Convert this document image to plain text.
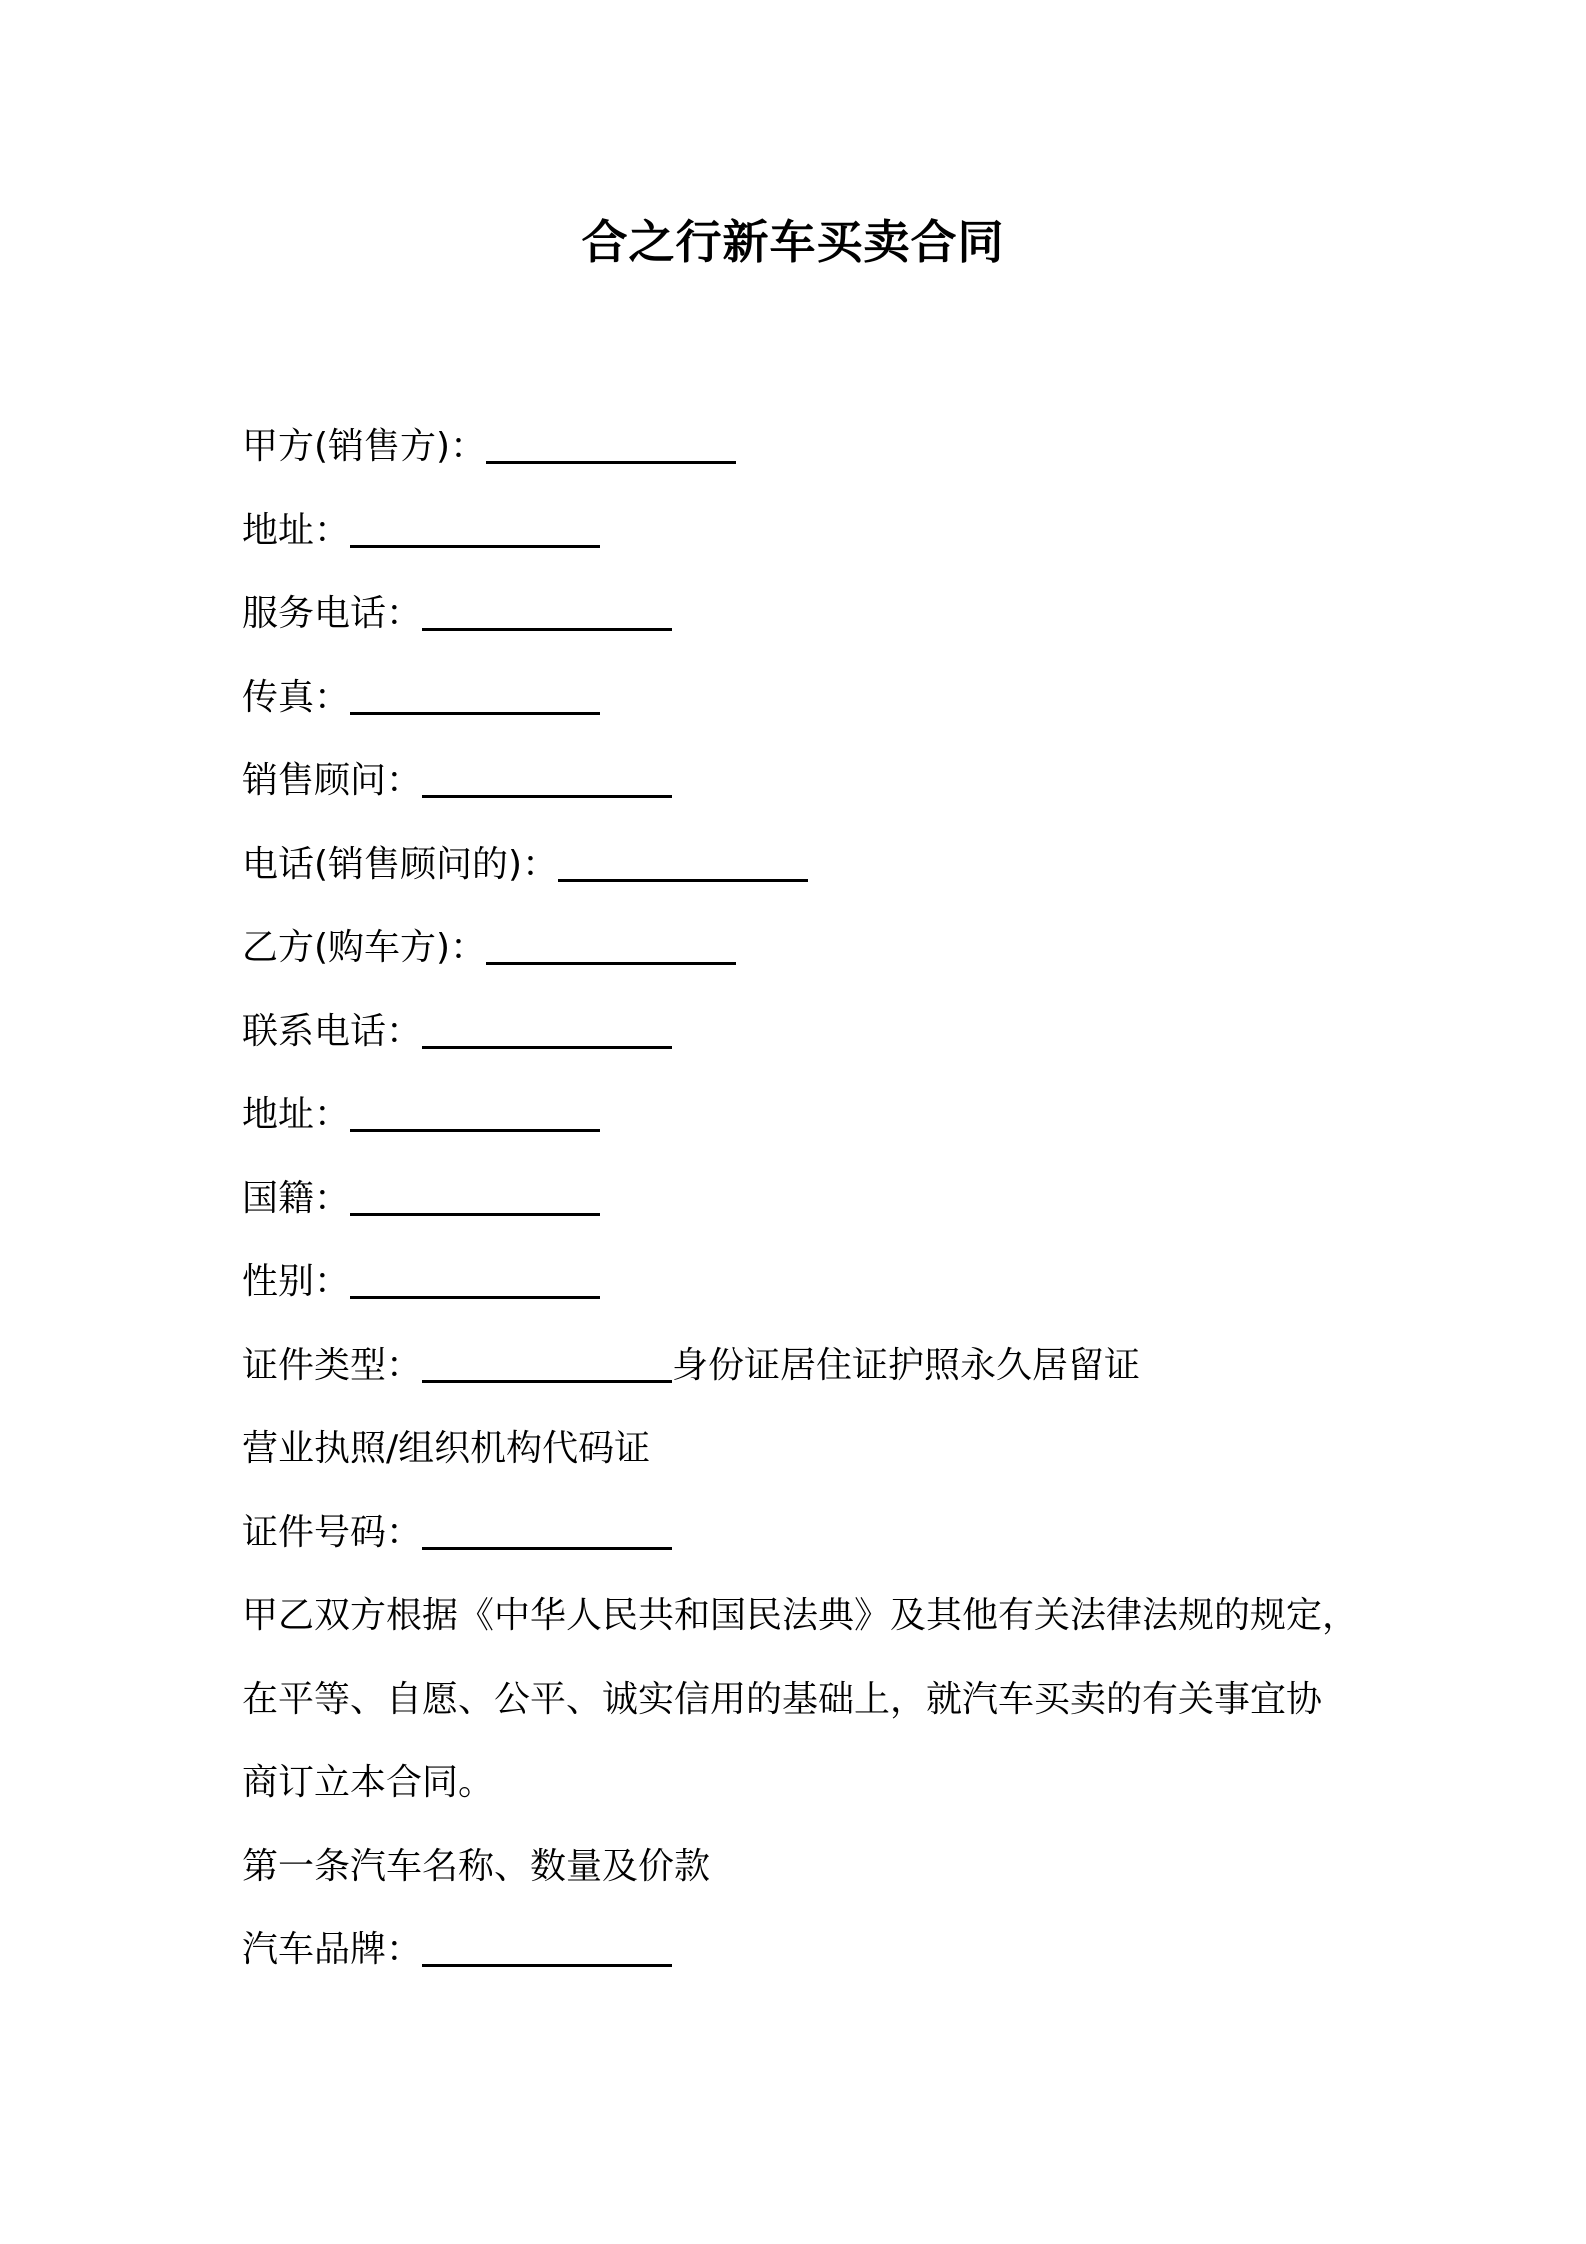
合之行新车买卖合同
甲方(销售方)：
地址：
服务电话：
传真：
销售顾问：
电话(销售顾问的)：
乙方(购车方)：
联系电话：
地址：
国籍：
性别：
证件类型：	身份证居住证护照永久居留证
营业执照/组织机构代码证
证件号码：
甲乙双方根据《中华人民共和国民法典》及其他有关法律法规的规定，
在平等、自愿、公平、诚实信用的基础上，就汽车买卖的有关事宜协
商订立本合同。
第一条汽车名称、数量及价款
汽车品牌：
